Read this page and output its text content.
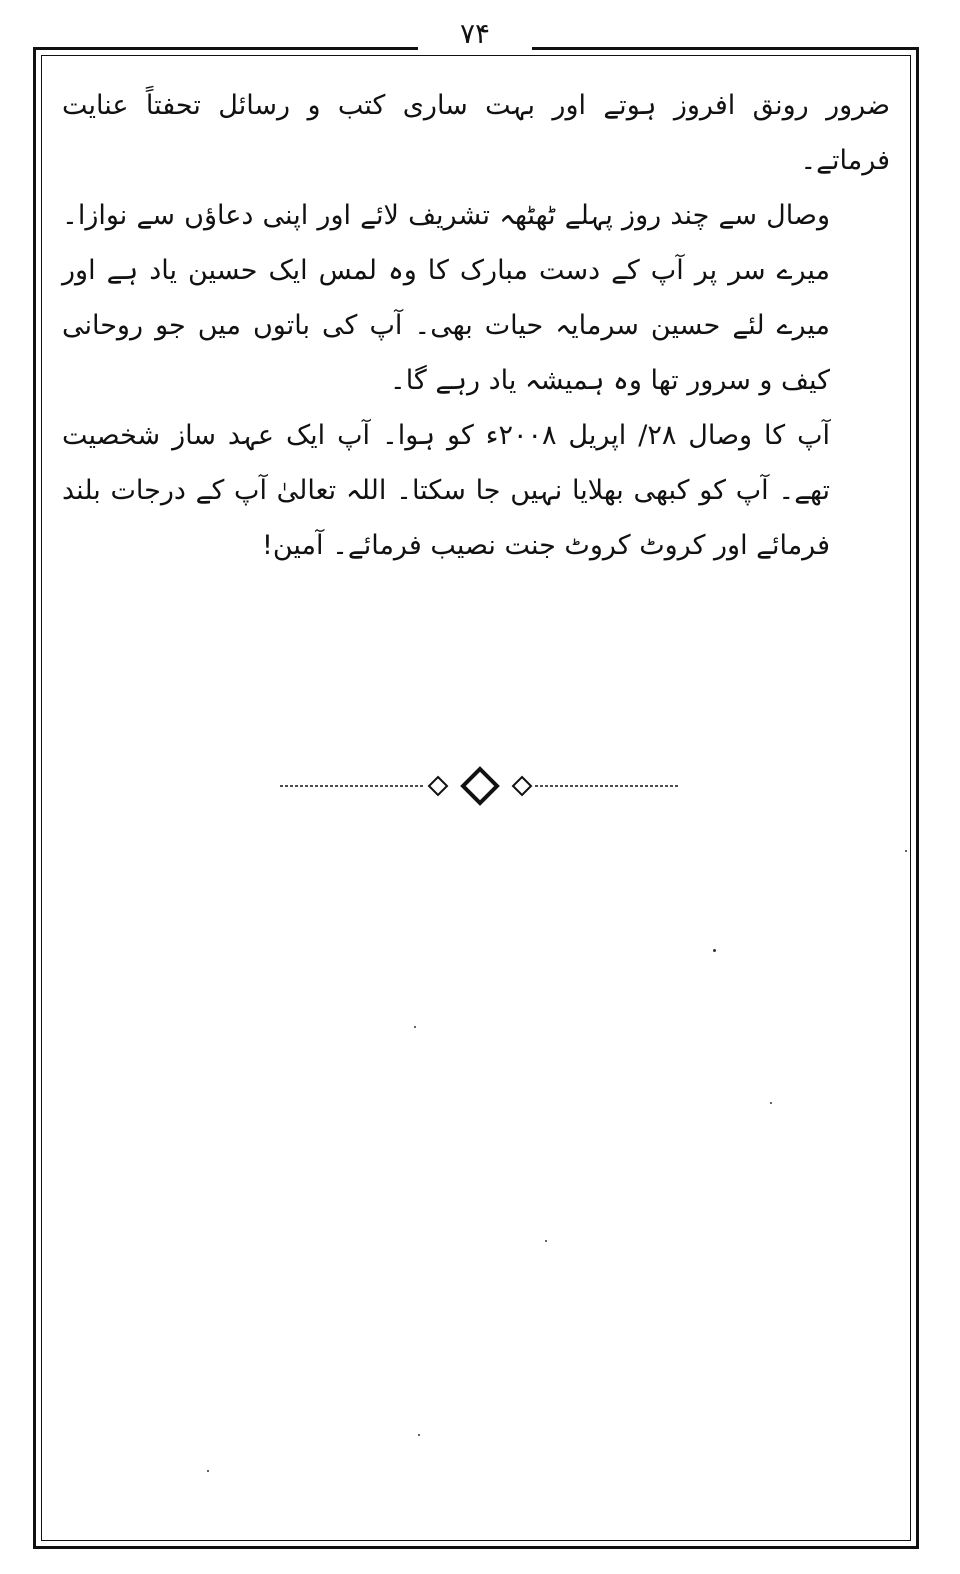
۷۴

ضرور رونق افروز ہوتے اور بہت ساری کتب و رسائل تحفتاً عنایت فرماتے۔

وصال سے چند روز پہلے ٹھٹھہ تشریف لائے اور اپنی دعاؤں سے نوازا۔ میرے سر پر آپ کے دست مبارک کا وہ لمس ایک حسین یاد ہے اور میرے لئے حسین سرمایہ حیات بھی۔ آپ کی باتوں میں جو روحانی کیف و سرور تھا وہ ہمیشہ یاد رہے گا۔

آپ کا وصال ۲۸/ اپریل ۲۰۰۸ء کو ہوا۔ آپ ایک عہد ساز شخصیت تھے۔ آپ کو کبھی بھلایا نہیں جا سکتا۔ اللہ تعالیٰ آپ کے درجات بلند فرمائے اور کروٹ کروٹ جنت نصیب فرمائے۔ آمین!
